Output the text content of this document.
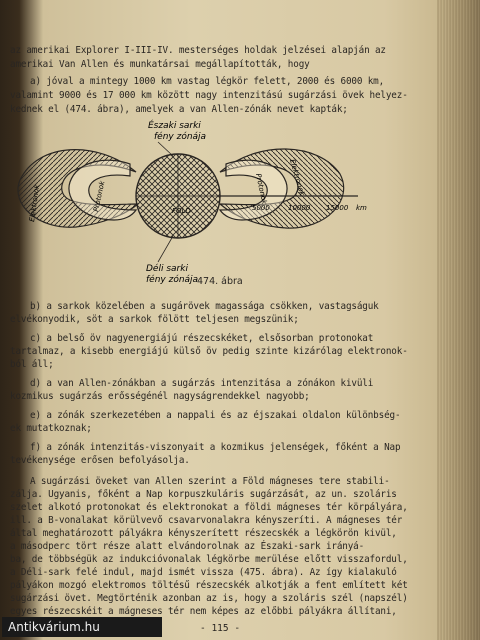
az amerikai Explorer I-III-IV. mesterséges holdak jelzései alapján az
amerikai Van Allen és munkatársai megállapították, hogy
a) jóval a mintegy 1000 km vastag légkör felett, 2000 és 6000 km,
valamint 9000 és 17 000 km között nagy intenzitású sugárzási övek helyez-
kednek el (474. ábra), amelyek a van Allen-zónák nevet kapták;
Északi sarki
fény zónája
Déli sarki
fény zónája
FÖLD
Protonok	Protonok
Elektronok
Elektronok
5000	10000 15000 km
474. ábra
b) a sarkok közelében a sugárövek magassága csökken, vastagságuk
elvékonyodik, söt a sarkok fölött teljesen megszünik;
c) a belső öv nagyenergiájú részecskéket, elsősorban protonokat
tartalmaz, a kisebb energiájú külső öv pedig szinte kizárólag elektronok-
ból áll;
d) a van Allen-zónákban a sugárzás intenzitása a zónákon kivüli
kozmikus sugárzás erősségénél nagyságrendekkel nagyobb;
e) a zónák szerkezetében a nappali és az éjszakai oldalon különbség-
ek mutatkoznak;
f) a zónák intenzitás-viszonyait a kozmikus jelenségek, főként a Nap
tevékenysége erősen befolyásolja.
A sugárzási öveket van Allen szerint a Föld mágneses tere stabili-
zálja. Ugyanis, főként a Nap korpuszkuláris sugárzását, az un. szoláris
szelet alkotó protonokat és elektronokat a földi mágneses tér körpályára,
ill. a B-vonalakat körülvevő csavarvonalakra kényszeríti. A mágneses tér
által meghatározott pályákra kényszerített részecskék a légkörön kivül,
a másodperc tört része alatt elvándorolnak az Északi-sark irányá-
ba, de többségük az indukcióvonalak légkörbe merülése előtt visszafordul,
a Déli-sark felé indul, majd ismét vissza (475. ábra). Az így kialakuló
pályákon mozgó elektromos töltésű részecskék alkotják a fent említett két
sugárzási övet. Megtörténik azonban az is, hogy a szoláris szél (napszél)
egyes részecskéit a mágneses tér nem képes az előbbi pályákra állítani,
- 115 -
Antikvárium.hu
